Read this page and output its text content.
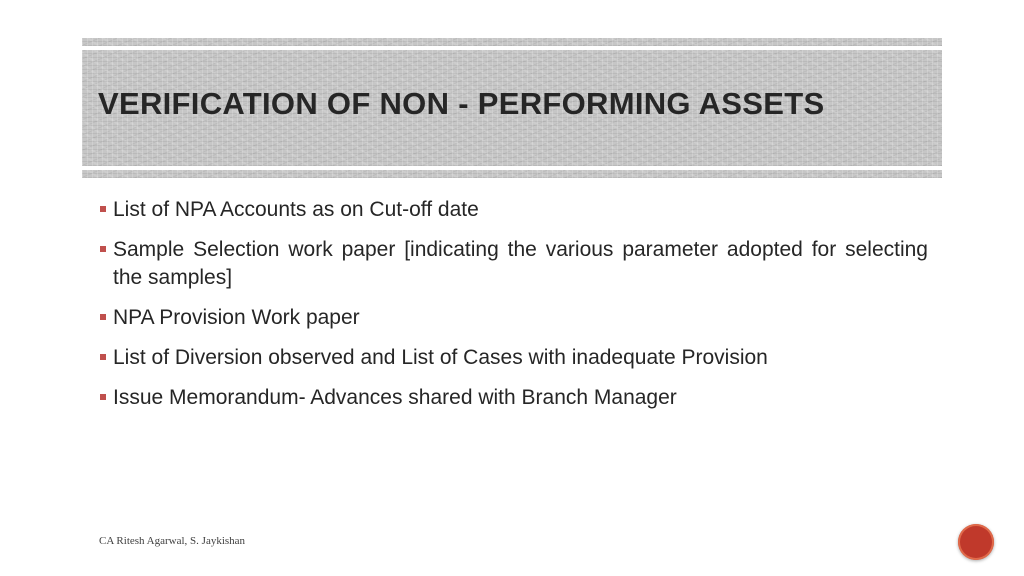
VERIFICATION OF NON - PERFORMING ASSETS
List of NPA Accounts as on Cut-off date
Sample Selection work paper [indicating the various parameter adopted for selecting the samples]
NPA Provision Work paper
List of Diversion observed and List of Cases with inadequate Provision
Issue Memorandum- Advances shared with Branch Manager
CA Ritesh Agarwal, S. Jaykishan
